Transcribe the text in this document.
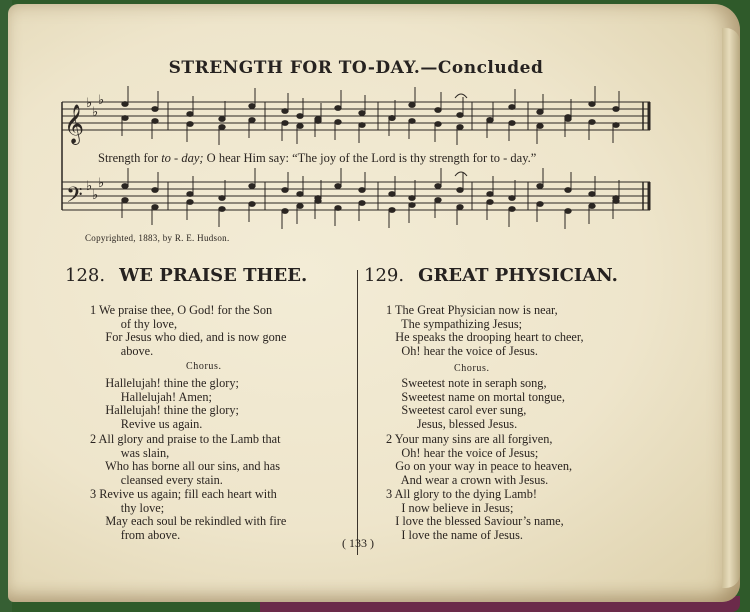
STRENGTH FOR TO-DAY.—Concluded
𝄞
𝄢
♭
♭
♭
♭
♭
♭
Strength for to - day; O hear Him say: “The joy of the Lord is thy strength for to - day.”
Copyrighted, 1883, by R. E. Hudson.
128. WE PRAISE THEE.
1 We praise thee, O God! for the Son
of thy love,
For Jesus who died, and is now gone
above.
Chorus.
Hallelujah! thine the glory;
Hallelujah! Amen;
Hallelujah! thine the glory;
Revive us again.
2 All glory and praise to the Lamb that
was slain,
Who has borne all our sins, and has
cleansed every stain.
3 Revive us again; fill each heart with
thy love;
May each soul be rekindled with fire
from above.
129. GREAT PHYSICIAN.
1 The Great Physician now is near,
The sympathizing Jesus;
He speaks the drooping heart to cheer,
Oh! hear the voice of Jesus.
Chorus.
Sweetest note in seraph song,
Sweetest name on mortal tongue,
Sweetest carol ever sung,
Jesus, blessed Jesus.
2 Your many sins are all forgiven,
Oh! hear the voice of Jesus;
Go on your way in peace to heaven,
And wear a crown with Jesus.
3 All glory to the dying Lamb!
I now believe in Jesus;
I love the blessed Saviour’s name,
I love the name of Jesus.
( 133 )
